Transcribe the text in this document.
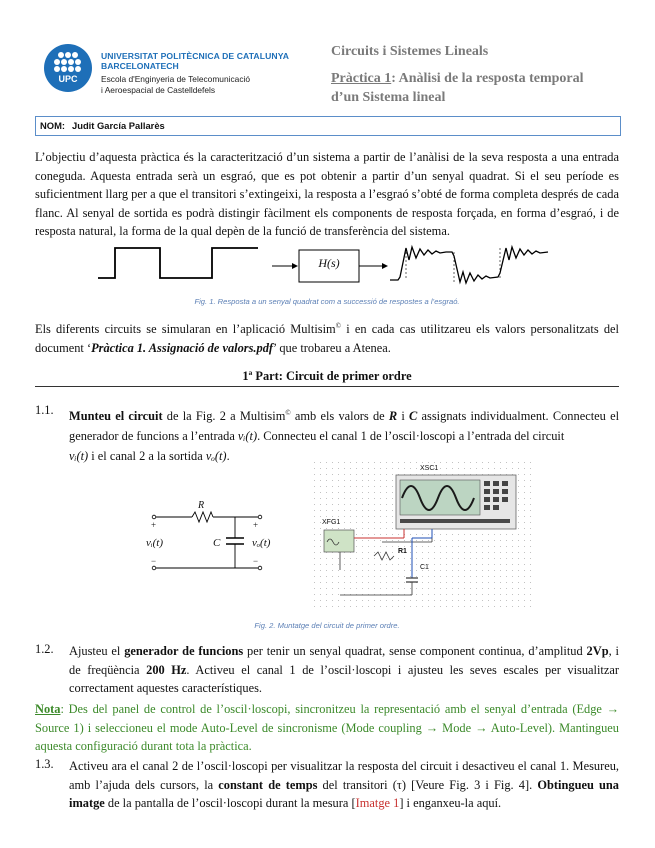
UPC
UNIVERSITAT POLITÈCNICA DE CATALUNYA
BARCELONATECH
Escola d'Enginyeria de Telecomunicació
i Aeroespacial de Castelldefels
Circuits i Sistemes Lineals
Pràctica 1: Anàlisi de la resposta temporal
d’un Sistema lineal
NOM: Judit García Pallarès

L’objectiu d’aquesta pràctica és la caracterització d’un sistema a partir de l’anàlisi de la seva resposta a una entrada coneguda. Aquesta entrada serà un esgraó, que es pot obtenir a partir d’un senyal quadrat. Si el seu període es suficientment llarg per a que el transitori s’extingeixi, la resposta a l’esgraó s’obté de forma completa després de cada flanc. Al senyal de sortida es podrà distingir fàcilment els components de resposta forçada, en forma d’esgraó, i de resposta natural, la forma de la qual depèn de la funció de transferència del sistema.

H(s)
Fig. 1. Resposta a un senyal quadrat com a successió de respostes a l’esgraó.

Els diferents circuits se simularan en l’aplicació Multisim© i en cada cas utilitzareu els valors personalitzats del document ‘Pràctica 1. Assignació de valors.pdf’ que trobareu a Atenea.

1ª Part: Circuit de primer ordre
1.1. Munteu el circuit de la Fig. 2 a Multisim© amb els valors de R i C assignats individualment. Connecteu el generador de funcions a l’entrada vᵢ(t). Connecteu el canal 1 de l’oscil·loscopi a l’entrada del circuit
vᵢ(t) i el canal 2 a la sortida vₒ(t).

R
C
vᵢ(t)	vₒ(t)
+
−
+
−
XSC1
XFG1
R1
C1
Fig. 2. Muntatge del circuit de primer ordre.
1.2. Ajusteu el generador de funcions per tenir un senyal quadrat, sense component continua, d’amplitud 2Vp, i de freqüència 200 Hz. Activeu el canal 1 de l’oscil·loscopi i ajusteu les seves escales per visualitzar correctament aquestes característiques.

Nota: Des del panel de control de l’oscil·loscopi, sincronitzeu la representació amb el senyal d’entrada (Edge → Source 1) i seleccioneu el mode Auto-Level de sincronisme (Mode coupling → Mode → Auto-Level). Mantingueu aquesta configuració durant tota la pràctica.

1.3. Activeu ara el canal 2 de l’oscil·loscopi per visualitzar la resposta del circuit i desactiveu el canal 1. Mesureu, amb l’ajuda dels cursors, la constant de temps del transitori (τ) [Veure Fig. 3 i Fig. 4]. Obtingueu una imatge de la pantalla de l’oscil·loscopi durant la mesura [Imatge 1] i enganxeu-la aquí.
